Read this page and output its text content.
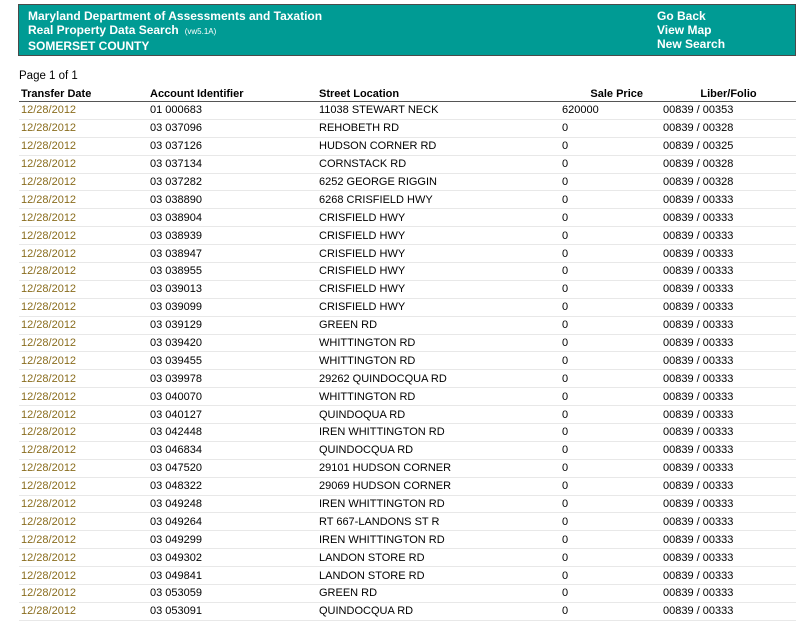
Maryland Department of Assessments and Taxation
Real Property Data Search (vw5.1A)
SOMERSET COUNTY
Go Back
View Map
New Search
Page 1 of 1
Transfer Date	Account Identifier	Street Location	Sale Price	Liber/Folio
12/28/2012	01 000683	11038 STEWART NECK	620000	00839 / 00353
12/28/2012	03 037096	REHOBETH RD	0	00839 / 00328
12/28/2012	03 037126	HUDSON CORNER RD	0	00839 / 00325
12/28/2012	03 037134	CORNSTACK RD	0	00839 / 00328
12/28/2012	03 037282	6252 GEORGE RIGGIN	0	00839 / 00328
12/28/2012	03 038890	6268 CRISFIELD HWY	0	00839 / 00333
12/28/2012	03 038904	CRISFIELD HWY	0	00839 / 00333
12/28/2012	03 038939	CRISFIELD HWY	0	00839 / 00333
12/28/2012	03 038947	CRISFIELD HWY	0	00839 / 00333
12/28/2012	03 038955	CRISFIELD HWY	0	00839 / 00333
12/28/2012	03 039013	CRISFIELD HWY	0	00839 / 00333
12/28/2012	03 039099	CRISFIELD HWY	0	00839 / 00333
12/28/2012	03 039129	GREEN RD	0	00839 / 00333
12/28/2012	03 039420	WHITTINGTON RD	0	00839 / 00333
12/28/2012	03 039455	WHITTINGTON RD	0	00839 / 00333
12/28/2012	03 039978	29262 QUINDOCQUA RD	0	00839 / 00333
12/28/2012	03 040070	WHITTINGTON RD	0	00839 / 00333
12/28/2012	03 040127	QUINDOQUA RD	0	00839 / 00333
12/28/2012	03 042448	IREN WHITTINGTON RD	0	00839 / 00333
12/28/2012	03 046834	QUINDOCQUA RD	0	00839 / 00333
12/28/2012	03 047520	29101 HUDSON CORNER	0	00839 / 00333
12/28/2012	03 048322	29069 HUDSON CORNER	0	00839 / 00333
12/28/2012	03 049248	IREN WHITTINGTON RD	0	00839 / 00333
12/28/2012	03 049264	RT 667-LANDONS ST R	0	00839 / 00333
12/28/2012	03 049299	IREN WHITTINGTON RD	0	00839 / 00333
12/28/2012	03 049302	LANDON STORE RD	0	00839 / 00333
12/28/2012	03 049841	LANDON STORE RD	0	00839 / 00333
12/28/2012	03 053059	GREEN RD	0	00839 / 00333
12/28/2012	03 053091	QUINDOCQUA RD	0	00839 / 00333
